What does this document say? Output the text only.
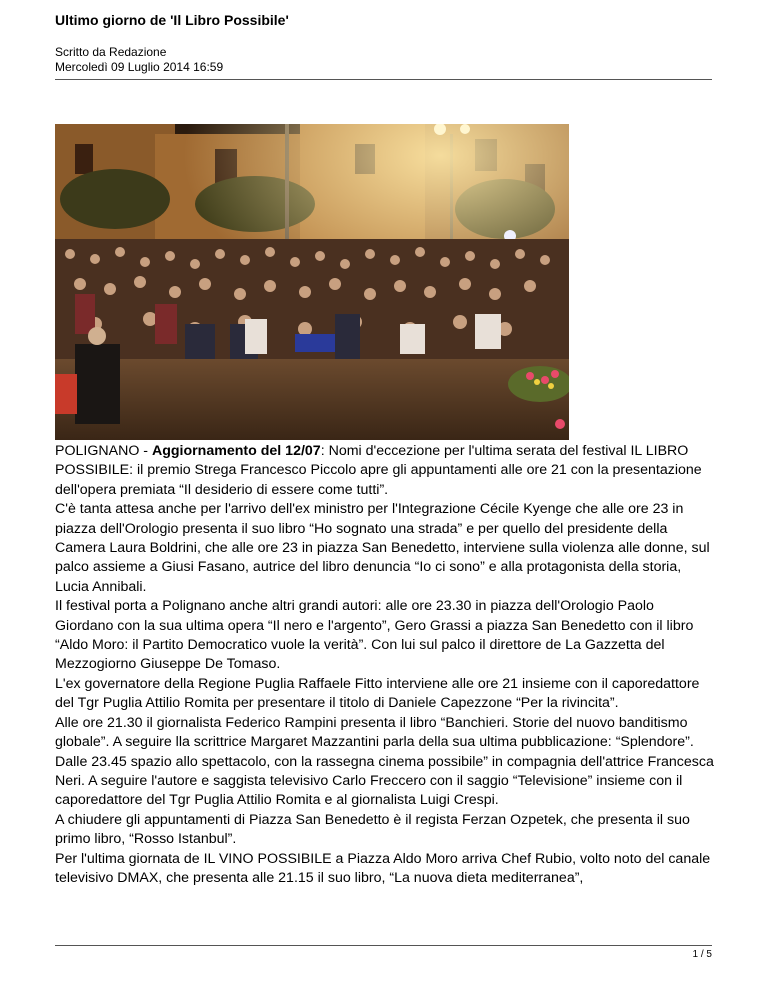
Ultimo giorno de 'Il Libro Possibile'
Scritto da Redazione
Mercoledì 09 Luglio 2014 16:59

POLIGNANO - Aggiornamento del 12/07: Nomi d'eccezione per l'ultima serata del festival IL LIBRO POSSIBILE: il premio Strega Francesco Piccolo apre gli appuntamenti alle ore 21 con la presentazione dell'opera premiata “Il desiderio di essere come tutti”.

C'è tanta attesa anche per l'arrivo dell'ex ministro per l'Integrazione Cécile Kyenge che alle ore 23 in piazza dell'Orologio presenta il suo libro “Ho sognato una strada” e per quello del presidente della Camera Laura Boldrini, che alle ore 23 in piazza San Benedetto, interviene sulla violenza alle donne, sul palco assieme a Giusi Fasano, autrice del libro denuncia “Io ci sono” e alla protagonista della storia, Lucia Annibali.

Il festival porta a Polignano anche altri grandi autori: alle ore 23.30 in piazza dell'Orologio Paolo Giordano con la sua ultima opera “Il nero e l'argento”, Gero Grassi a piazza San Benedetto con il libro “Aldo Moro: il Partito Democratico vuole la verità”. Con lui sul palco il direttore de La Gazzetta del Mezzogiorno Giuseppe De Tomaso.

L'ex governatore della Regione Puglia Raffaele Fitto interviene alle ore 21 insieme con il caporedattore del Tgr Puglia Attilio Romita per presentare il titolo di Daniele Capezzone “Per la rivincita”.

Alle ore 21.30 il giornalista Federico Rampini presenta il libro “Banchieri. Storie del nuovo banditismo globale”. A seguire lla scrittrice Margaret Mazzantini parla della sua ultima pubblicazione: “Splendore”.

Dalle 23.45 spazio allo spettacolo, con la rassegna cinema possibile” in compagnia dell'attrice Francesca Neri. A seguire l'autore e saggista televisivo Carlo Freccero con il saggio “Televisione” insieme con il caporedattore del Tgr Puglia Attilio Romita e al giornalista Luigi Crespi.

A chiudere gli appuntamenti di Piazza San Benedetto è il regista Ferzan Ozpetek, che presenta il suo primo libro, “Rosso Istanbul”.

Per l'ultima giornata de IL VINO POSSIBILE a Piazza Aldo Moro arriva Chef Rubio, volto noto del canale televisivo DMAX, che presenta alle 21.15 il suo libro, “La nuova dieta mediterranea”,

1 / 5
